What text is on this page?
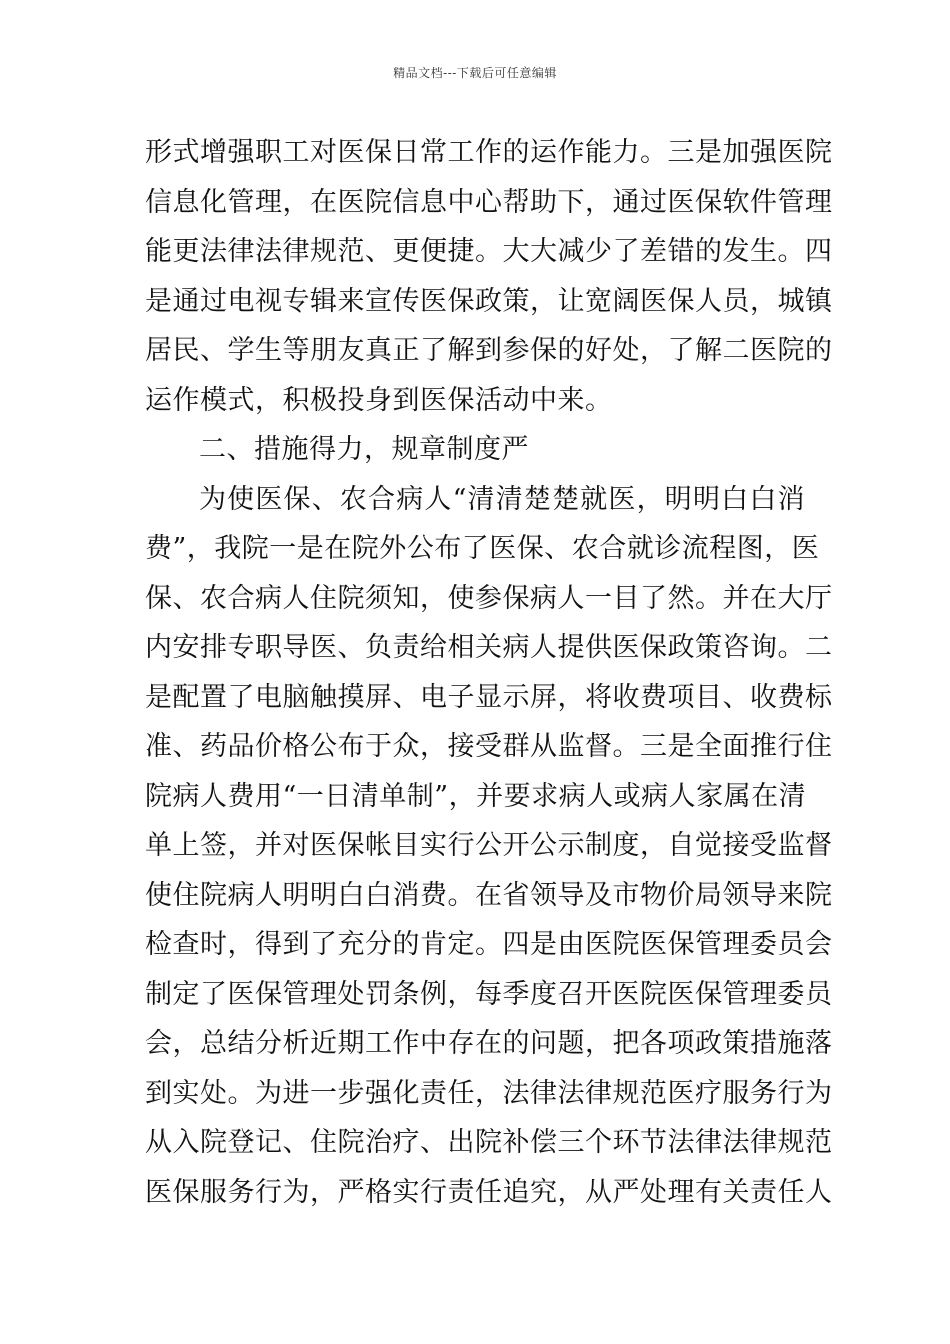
精品文档---下载后可任意编辑
形式增强职工对医保日常工作的运作能力。三是加强医院
信息化管理，在医院信息中心帮助下，通过医保软件管理
能更法律法律规范、更便捷。大大减少了差错的发生。四
是通过电视专辑来宣传医保政策，让宽阔医保人员，城镇
居民、学生等朋友真正了解到参保的好处，了解二医院的
运作模式，积极投身到医保活动中来。
二、措施得力，规章制度严
为使医保、农合病人“清清楚楚就医，明明白白消
费”，我院一是在院外公布了医保、农合就诊流程图，医
保、农合病人住院须知，使参保病人一目了然。并在大厅
内安排专职导医、负责给相关病人提供医保政策咨询。二
是配置了电脑触摸屏、电子显示屏，将收费项目、收费标
准、药品价格公布于众，接受群从监督。三是全面推行住
院病人费用“一日清单制”，并要求病人或病人家属在清
单上签，并对医保帐目实行公开公示制度，自觉接受监督
使住院病人明明白白消费。在省领导及市物价局领导来院
检查时，得到了充分的肯定。四是由医院医保管理委员会
制定了医保管理处罚条例，每季度召开医院医保管理委员
会，总结分析近期工作中存在的问题，把各项政策措施落
到实处。为进一步强化责任，法律法律规范医疗服务行为
从入院登记、住院治疗、出院补偿三个环节法律法律规范
医保服务行为，严格实行责任追究，从严处理有关责任人
